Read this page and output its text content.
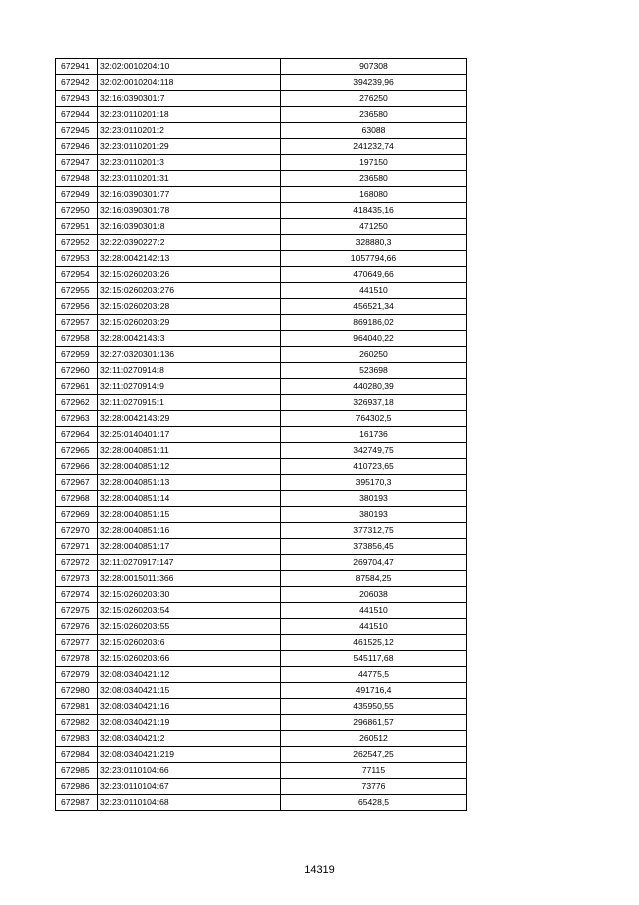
672941	32:02:0010204:10	907308
672942	32:02:0010204:118	394239,96
672943	32:16:0390301:7	276250
672944	32:23:0110201:18	236580
672945	32:23:0110201:2	63088
672946	32:23:0110201:29	241232,74
672947	32:23:0110201:3	197150
672948	32:23:0110201:31	236580
672949	32:16:0390301:77	168080
672950	32:16:0390301:78	418435,16
672951	32:16:0390301:8	471250
672952	32:22:0390227:2	328880,3
672953	32:28:0042142:13	1057794,66
672954	32:15:0260203:26	470649,66
672955	32:15:0260203:276	441510
672956	32:15:0260203:28	456521,34
672957	32:15:0260203:29	869186,02
672958	32:28:0042143:3	964040,22
672959	32:27:0320301:136	260250
672960	32:11:0270914:8	523698
672961	32:11:0270914:9	440280,39
672962	32:11:0270915:1	326937,18
672963	32:28:0042143:29	764302,5
672964	32:25:0140401:17	161736
672965	32:28:0040851:11	342749,75
672966	32:28:0040851:12	410723,65
672967	32:28:0040851:13	395170,3
672968	32:28:0040851:14	380193
672969	32:28:0040851:15	380193
672970	32:28:0040851:16	377312,75
672971	32:28:0040851:17	373856,45
672972	32:11:0270917:147	269704,47
672973	32:28:0015011:366	87584,25
672974	32:15:0260203:30	206038
672975	32:15:0260203:54	441510
672976	32:15:0260203:55	441510
672977	32:15:0260203:6	461525,12
672978	32:15:0260203:66	545117,68
672979	32:08:0340421:12	44775,5
672980	32:08:0340421:15	491716,4
672981	32:08:0340421:16	435950,55
672982	32:08:0340421:19	296861,57
672983	32:08:0340421:2	260512
672984	32:08:0340421:219	262547,25
672985	32:23:0110104:66	77115
672986	32:23:0110104:67	73776
672987	32:23:0110104:68	65428,5
14319
